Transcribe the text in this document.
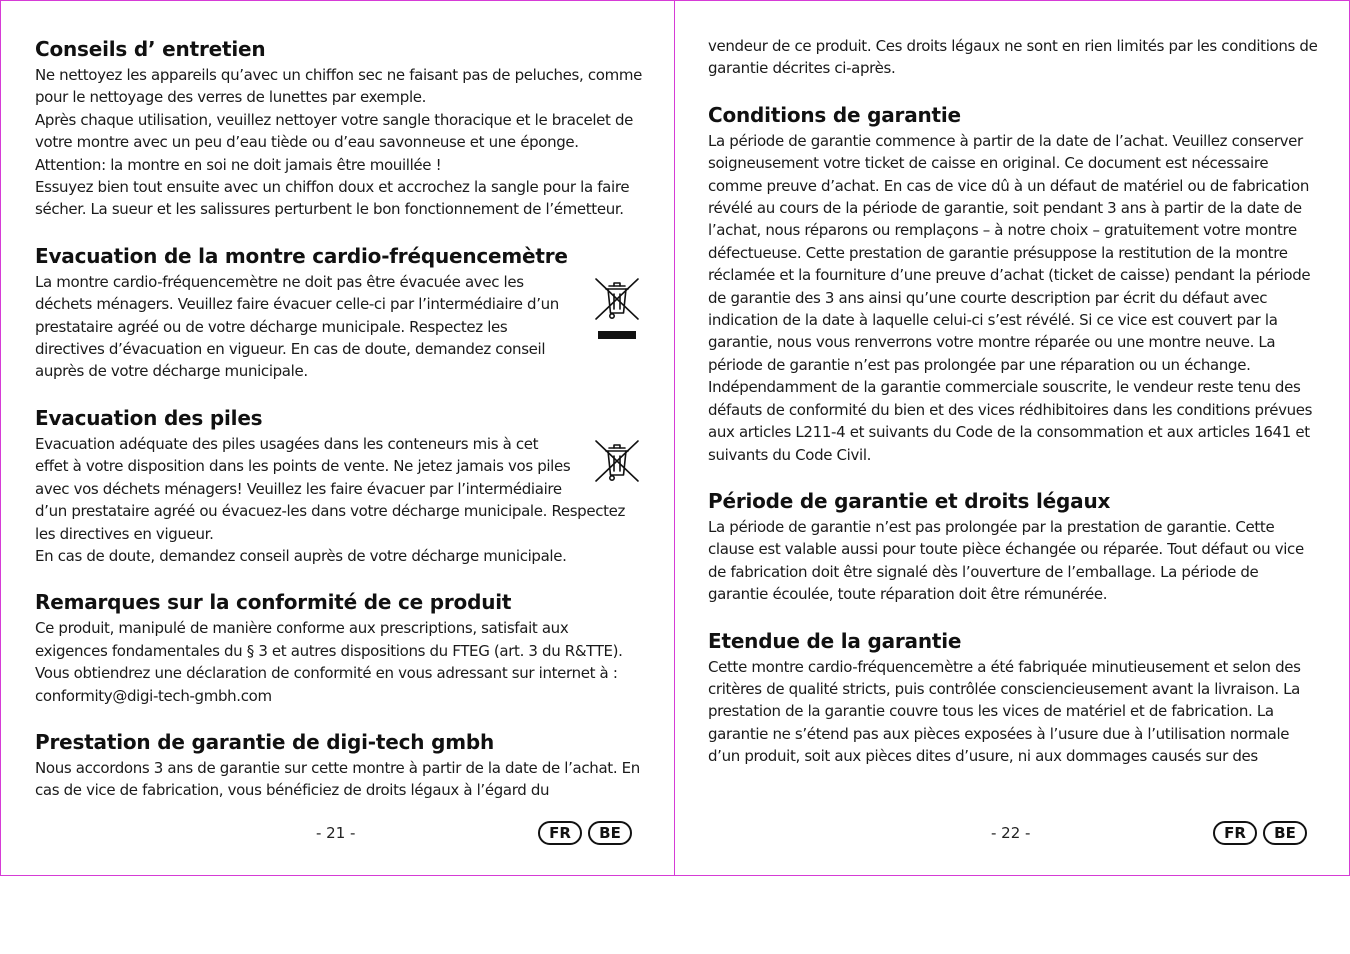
Conseils d’ entretien

Ne nettoyez les appareils qu’avec un chiffon sec ne faisant pas de peluches, comme pour le nettoyage des verres de lunettes par exemple.

Après chaque utilisation, veuillez nettoyer votre sangle thoracique et le bracelet de votre montre avec un peu d’eau tiède ou d’eau savonneuse et une éponge.

Attention: la montre en soi ne doit jamais être mouillée !

Essuyez bien tout ensuite avec un chiffon doux et accrochez la sangle pour la faire sécher. La sueur et les salissures perturbent le bon fonctionnement de l’émetteur.

Evacuation de la montre cardio-fréquencemètre

La montre cardio-fréquencemètre ne doit pas être évacuée avec les déchets ménagers. Veuillez faire évacuer celle-ci par l’intermédiaire d’un prestataire agréé ou de votre décharge municipale. Respectez les directives d’évacuation en vigueur. En cas de doute, demandez conseil auprès de votre décharge municipale.

Evacuation des piles

Evacuation adéquate des piles usagées dans les conteneurs mis à cet effet à votre disposition dans les points de vente. Ne jetez jamais vos piles avec vos déchets ménagers! Veuillez les faire évacuer par l’intermédiaire d’un prestataire agréé ou évacuez-les dans votre décharge municipale. Respectez les directives en vigueur.

En cas de doute, demandez conseil auprès de votre décharge municipale.

Remarques sur la conformité de ce produit

Ce produit, manipulé de manière conforme aux prescriptions, satisfait aux exigences fondamentales du § 3 et autres dispositions du FTEG (art. 3 du R&TTE). Vous obtiendrez une déclaration de conformité en vous adressant sur internet à :

conformity@digi-tech-gmbh.com

Prestation de garantie de digi-tech gmbh

Nous accordons 3 ans de garantie sur cette montre à partir de la date de l’achat. En cas de vice de fabrication, vous bénéficiez de droits légaux à l’égard du

- 21 -	FR	BE

vendeur de ce produit. Ces droits légaux ne sont en rien limités par les conditions de garantie décrites ci-après.

Conditions de garantie

La période de garantie commence à partir de la date de l’achat. Veuillez conserver soigneusement votre ticket de caisse en original. Ce document est nécessaire comme preuve d’achat. En cas de vice dû à un défaut de matériel ou de fabrication révélé au cours de la période de garantie, soit pendant 3 ans à partir de la date de l’achat, nous réparons ou remplaçons – à notre choix – gratuitement votre montre défectueuse. Cette prestation de garantie présuppose la restitution de la montre réclamée et la fourniture d’une preuve d’achat (ticket de caisse) pendant la période de garantie des 3 ans ainsi qu’une courte description par écrit du défaut avec indication de la date à laquelle celui-ci s’est révélé. Si ce vice est couvert par la garantie, nous vous renverrons votre montre réparée ou une montre neuve. La période de garantie n’est pas prolongée par une réparation ou un échange.

Indépendamment de la garantie commerciale souscrite, le vendeur reste tenu des défauts de conformité du bien et des vices rédhibitoires dans les conditions prévues aux articles L211-4 et suivants du Code de la consommation et aux articles 1641 et suivants du Code Civil.

Période de garantie et droits légaux

La période de garantie n’est pas prolongée par la prestation de garantie. Cette clause est valable aussi pour toute pièce échangée ou réparée. Tout défaut ou vice de fabrication doit être signalé dès l’ouverture de l’emballage. La période de garantie écoulée, toute réparation doit être rémunérée.

Etendue de la garantie

Cette montre cardio-fréquencemètre a été fabriquée minutieusement et selon des critères de qualité stricts, puis contrôlée consciencieusement avant la livraison. La prestation de la garantie couvre tous les vices de matériel et de fabrication. La garantie ne s’étend pas aux pièces exposées à l’usure due à l’utilisation normale d’un produit, soit aux pièces dites d’usure, ni aux dommages causés sur des

- 22 -	FR	BE
